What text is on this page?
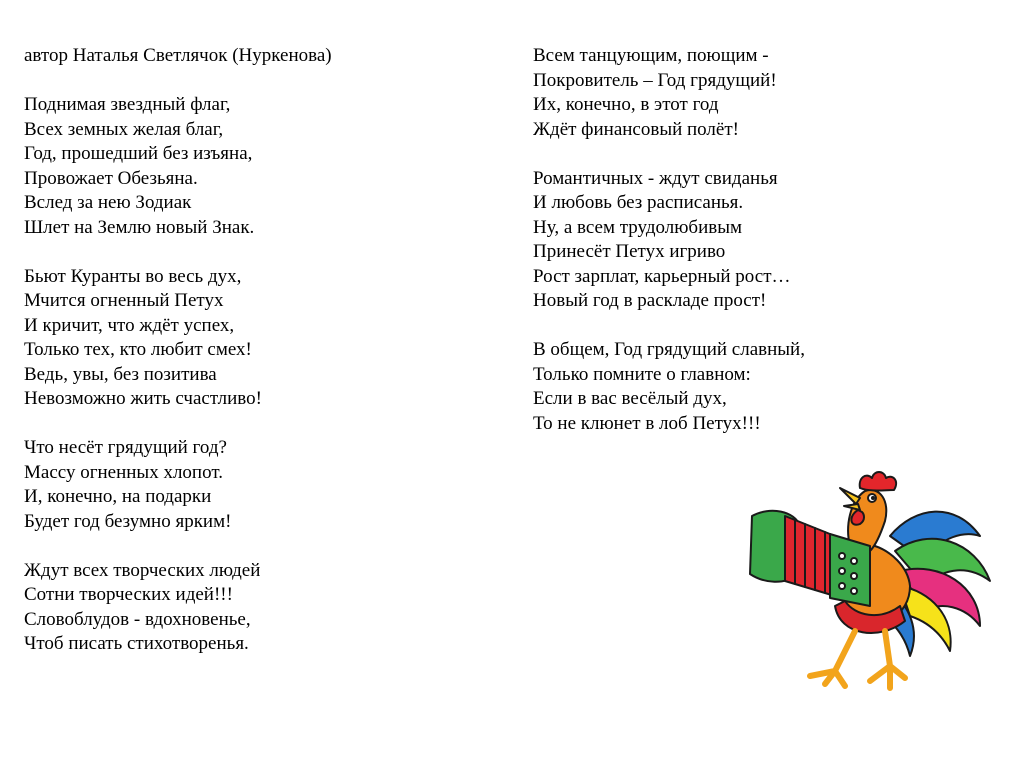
автор Наталья Светлячок (Нуркенова)
Поднимая звездный флаг,
Всех земных желая благ,
Год, прошедший без изъяна,
Провожает Обезьяна.
Вслед за нею Зодиак
Шлет на Землю новый Знак.
Бьют Куранты во весь дух,
Мчится огненный Петух
И кричит, что ждёт успех,
Только тех, кто любит смех!
Ведь, увы, без позитива
Невозможно жить счастливо!
Что несёт грядущий год?
Массу огненных хлопот.
И, конечно, на подарки
Будет год безумно ярким!
Ждут всех творческих людей
Сотни творческих идей!!!
Словоблудов - вдохновенье,
Чтоб писать стихотворенья.
Всем танцующим, поющим -
Покровитель – Год грядущий!
Их, конечно, в этот год
Ждёт финансовый полёт!
Романтичных - ждут свиданья
И любовь без расписанья.
Ну, а всем трудолюбивым
Принесёт Петух игриво
Рост зарплат, карьерный рост…
Новый год в раскладе прост!
В общем, Год грядущий славный,
Только помните о главном:
Если в вас весёлый дух,
То не клюнет в лоб Петух!!!
